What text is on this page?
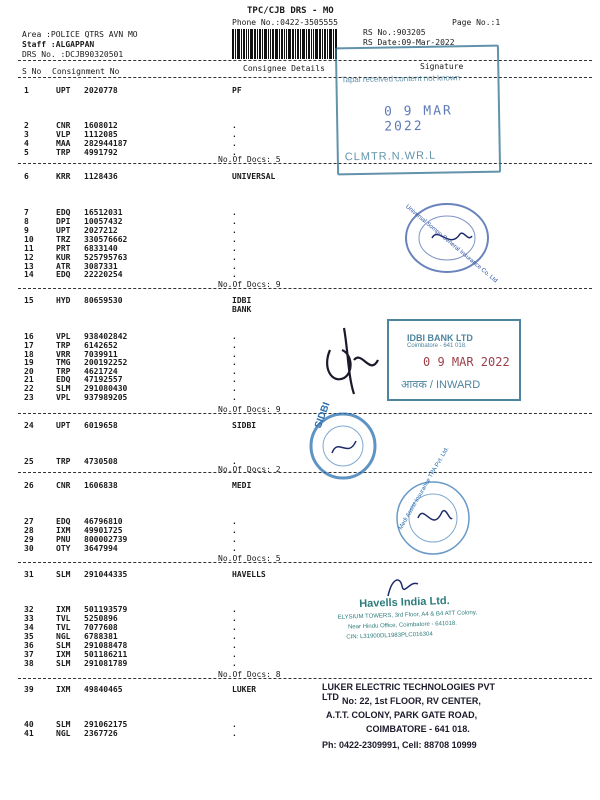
TPC/CJB DRS - MO
Phone No.:0422-3505555	Page No.:1
Area :POLICE QTRS AVN MO
Staff :ALGAPPAN
DRS No. :DCJB90320501
RS No.:903205
RS Date:09-Mar-2022
S No Consignment No	Consignee Details	Signature
1	UPT 2020778	PF
2	CNR 1608012	.
3	VLP 1112085	.
4	MAA 282944187	.
5	TRP 4991792	.
No.Of Docs: 5
6	KRR 1128436	UNIVERSAL
7	EDQ 16512031	.
8	DPI 10057432	.
9	UPT 2027212	.
10	TRZ 330576662	.
11	PRT 6833140	.
12	KUR 525795763	.
13	ATR 3087331	.
14	EDQ 22220254	.
No.Of Docs: 9
15	HYD 80659530	IDBI BANK
16	VPL 938402842	.
17	TRP 6142652	.
18	VRR 7039911	.
19	TMG 200192252	.
20	TRP 4621724	.
21	EDQ 47192557	.
22	SLM 291080430	.
23	VPL 937989205	.
No.Of Docs: 9
24	UPT 6019658	SIDBI
25	TRP 4730508	.
No.Of Docs: 2
26	CNR 1606838	MEDI
27	EDQ 46796810	.
28	IXM 49901725	.
29	PNU 800002739	.
30	OTY 3647994	.
No.Of Docs: 5
31	SLM 291044335	HAVELLS
32	IXM 501193579	.
33	TVL 5250896	.
34	TVL 7077608	.
35	NGL 6788381	.
36	SLM 291088478	.
37	IXM 501186211	.
38	SLM 291081789	.
No.Of Docs: 8
39	IXM 49840465	LUKER
40	SLM 291062175	.
41	NGL 2367726	.
Tapal received content not known
0 9 MAR 2022
CLMTR.N.WR.L
Universal Sompo General Insurance Co. Ltd
IDBI BANK LTD
Coimbatore - 641 018.
0 9 MAR 2022
आवक / INWARD
SIDBI
Medi Assist Insurance TPA Pvt. Ltd.
Havells India Ltd.
ELYSIUM TOWERS, 3rd Floor, A4 & B4 ATT Colony,
Near Hindu Office, Coimbatore - 641018.
CIN: L31900DL1983PLC016304
LUKER ELECTRIC TECHNOLOGIES PVT LTD No: 22, 1st FLOOR, RV CENTER,
A.T.T. COLONY, PARK GATE ROAD,
COIMBATORE - 641 018.
Ph: 0422-2309991, Cell: 88708 10999
